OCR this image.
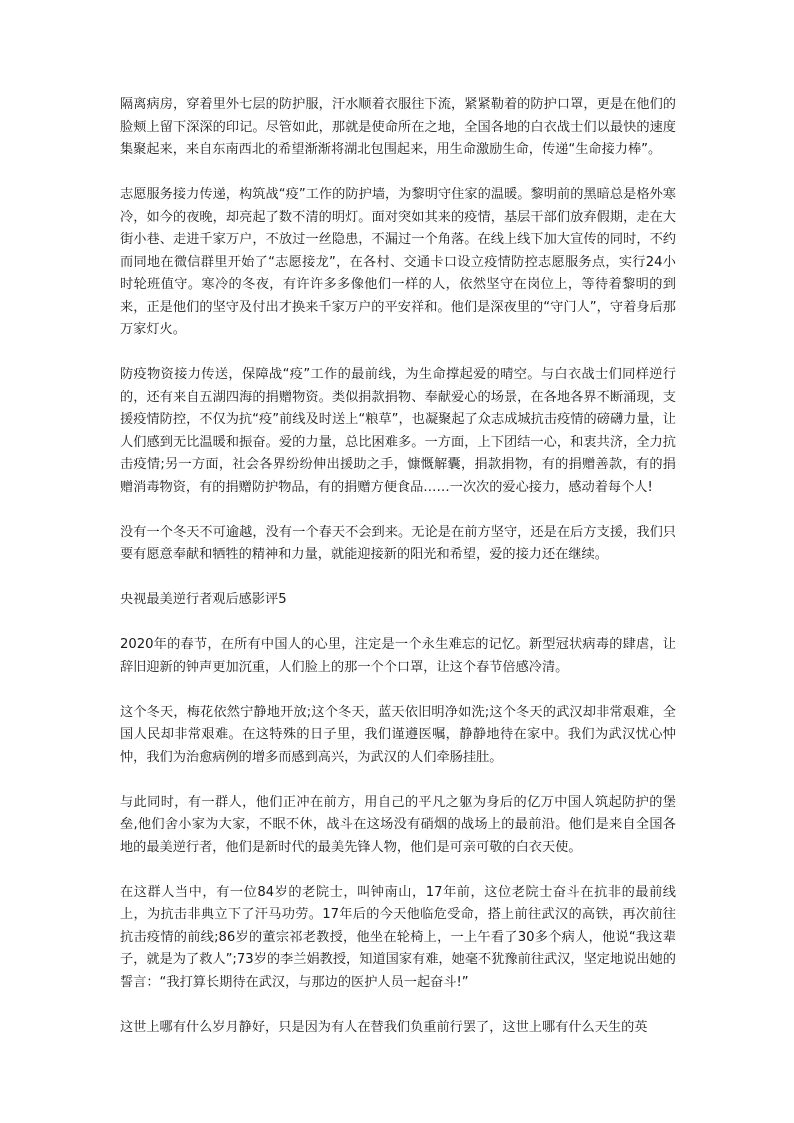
隔离病房，穿着里外七层的防护服，汗水顺着衣服往下流，紧紧勒着的防护口罩，更是在他们的脸颊上留下深深的印记。尽管如此，那就是使命所在之地，全国各地的白衣战士们以最快的速度集聚起来，来自东南西北的希望渐渐将湖北包围起来，用生命激励生命，传递“生命接力棒”。

志愿服务接力传递，构筑战“疫”工作的防护墙，为黎明守住家的温暖。黎明前的黑暗总是格外寒冷，如今的夜晚，却亮起了数不清的明灯。面对突如其来的疫情，基层干部们放弃假期，走在大街小巷、走进千家万户，不放过一丝隐患，不漏过一个角落。在线上线下加大宣传的同时，不约而同地在微信群里开始了“志愿接龙”，在各村、交通卡口设立疫情防控志愿服务点，实行24小时轮班值守。寒冷的冬夜，有许许多多像他们一样的人，依然坚守在岗位上，等待着黎明的到来，正是他们的坚守及付出才换来千家万户的平安祥和。他们是深夜里的“守门人”，守着身后那万家灯火。

防疫物资接力传送，保障战“疫”工作的最前线，为生命撑起爱的晴空。与白衣战士们同样逆行的，还有来自五湖四海的捐赠物资。类似捐款捐物、奉献爱心的场景，在各地各界不断涌现，支援疫情防控，不仅为抗“疫”前线及时送上“粮草”，也凝聚起了众志成城抗击疫情的磅礴力量，让人们感到无比温暖和振奋。爱的力量，总比困难多。一方面，上下团结一心，和衷共济，全力抗击疫情;另一方面，社会各界纷纷伸出援助之手，慷慨解囊，捐款捐物，有的捐赠善款，有的捐赠消毒物资，有的捐赠防护物品，有的捐赠方便食品……一次次的爱心接力，感动着每个人!

没有一个冬天不可逾越，没有一个春天不会到来。无论是在前方坚守，还是在后方支援，我们只要有愿意奉献和牺牲的精神和力量，就能迎接新的阳光和希望，爱的接力还在继续。

央视最美逆行者观后感影评5

2020年的春节，在所有中国人的心里，注定是一个永生难忘的记忆。新型冠状病毒的肆虐，让辞旧迎新的钟声更加沉重，人们脸上的那一个个口罩，让这个春节倍感冷清。

这个冬天，梅花依然宁静地开放;这个冬天，蓝天依旧明净如洗;这个冬天的武汉却非常艰难，全国人民却非常艰难。在这特殊的日子里，我们谨遵医嘱，静静地待在家中。我们为武汉忧心忡忡，我们为治愈病例的增多而感到高兴，为武汉的人们牵肠挂肚。

与此同时，有一群人，他们正冲在前方，用自己的平凡之躯为身后的亿万中国人筑起防护的堡垒,他们舍小家为大家，不眠不休，战斗在这场没有硝烟的战场上的最前沿。他们是来自全国各地的最美逆行者，他们是新时代的最美先锋人物，他们是可亲可敬的白衣天使。

在这群人当中，有一位84岁的老院士，叫钟南山，17年前，这位老院士奋斗在抗非的最前线上，为抗击非典立下了汗马功劳。17年后的今天他临危受命，搭上前往武汉的高铁，再次前往抗击疫情的前线;86岁的董宗祁老教授，他坐在轮椅上，一上午看了30多个病人，他说“我这辈子，就是为了救人”;73岁的李兰娟教授，知道国家有难，她毫不犹豫前往武汉，坚定地说出她的誓言：“我打算长期待在武汉，与那边的医护人员一起奋斗!”

这世上哪有什么岁月静好，只是因为有人在替我们负重前行罢了，这世上哪有什么天生的英
